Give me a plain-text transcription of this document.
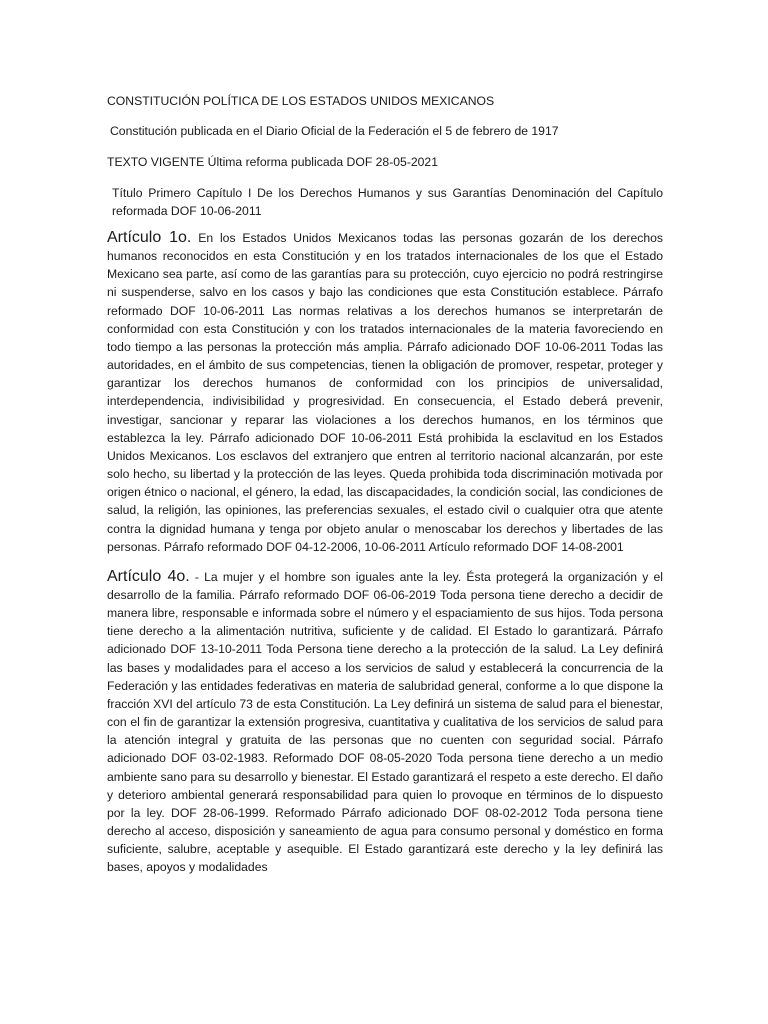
CONSTITUCIÓN POLÍTICA DE LOS ESTADOS UNIDOS MEXICANOS

Constitución publicada en el Diario Oficial de la Federación el 5 de febrero de 1917

TEXTO VIGENTE Última reforma publicada DOF 28-05-2021

Título Primero Capítulo I De los Derechos Humanos y sus Garantías Denominación del Capítulo reformada DOF 10-06-2011

Artículo 1o. En los Estados Unidos Mexicanos todas las personas gozarán de los derechos humanos reconocidos en esta Constitución y en los tratados internacionales de los que el Estado Mexicano sea parte, así como de las garantías para su protección, cuyo ejercicio no podrá restringirse ni suspenderse, salvo en los casos y bajo las condiciones que esta Constitución establece. Párrafo reformado DOF 10-06-2011 Las normas relativas a los derechos humanos se interpretarán de conformidad con esta Constitución y con los tratados internacionales de la materia favoreciendo en todo tiempo a las personas la protección más amplia. Párrafo adicionado DOF 10-06-2011 Todas las autoridades, en el ámbito de sus competencias, tienen la obligación de promover, respetar, proteger y garantizar los derechos humanos de conformidad con los principios de universalidad, interdependencia, indivisibilidad y progresividad. En consecuencia, el Estado deberá prevenir, investigar, sancionar y reparar las violaciones a los derechos humanos, en los términos que establezca la ley. Párrafo adicionado DOF 10-06-2011 Está prohibida la esclavitud en los Estados Unidos Mexicanos. Los esclavos del extranjero que entren al territorio nacional alcanzarán, por este solo hecho, su libertad y la protección de las leyes. Queda prohibida toda discriminación motivada por origen étnico o nacional, el género, la edad, las discapacidades, la condición social, las condiciones de salud, la religión, las opiniones, las preferencias sexuales, el estado civil o cualquier otra que atente contra la dignidad humana y tenga por objeto anular o menoscabar los derechos y libertades de las personas. Párrafo reformado DOF 04-12-2006, 10-06-2011 Artículo reformado DOF 14-08-2001

Artículo 4o. - La mujer y el hombre son iguales ante la ley. Ésta protegerá la organización y el desarrollo de la familia. Párrafo reformado DOF 06-06-2019 Toda persona tiene derecho a decidir de manera libre, responsable e informada sobre el número y el espaciamiento de sus hijos. Toda persona tiene derecho a la alimentación nutritiva, suficiente y de calidad. El Estado lo garantizará. Párrafo adicionado DOF 13-10-2011 Toda Persona tiene derecho a la protección de la salud. La Ley definirá las bases y modalidades para el acceso a los servicios de salud y establecerá la concurrencia de la Federación y las entidades federativas en materia de salubridad general, conforme a lo que dispone la fracción XVI del artículo 73 de esta Constitución. La Ley definirá un sistema de salud para el bienestar, con el fin de garantizar la extensión progresiva, cuantitativa y cualitativa de los servicios de salud para la atención integral y gratuita de las personas que no cuenten con seguridad social. Párrafo adicionado DOF 03-02-1983. Reformado DOF 08-05-2020 Toda persona tiene derecho a un medio ambiente sano para su desarrollo y bienestar. El Estado garantizará el respeto a este derecho. El daño y deterioro ambiental generará responsabilidad para quien lo provoque en términos de lo dispuesto por la ley. DOF 28-06-1999. Reformado Párrafo adicionado DOF 08-02-2012 Toda persona tiene derecho al acceso, disposición y saneamiento de agua para consumo personal y doméstico en forma suficiente, salubre, aceptable y asequible. El Estado garantizará este derecho y la ley definirá las bases, apoyos y modalidades
